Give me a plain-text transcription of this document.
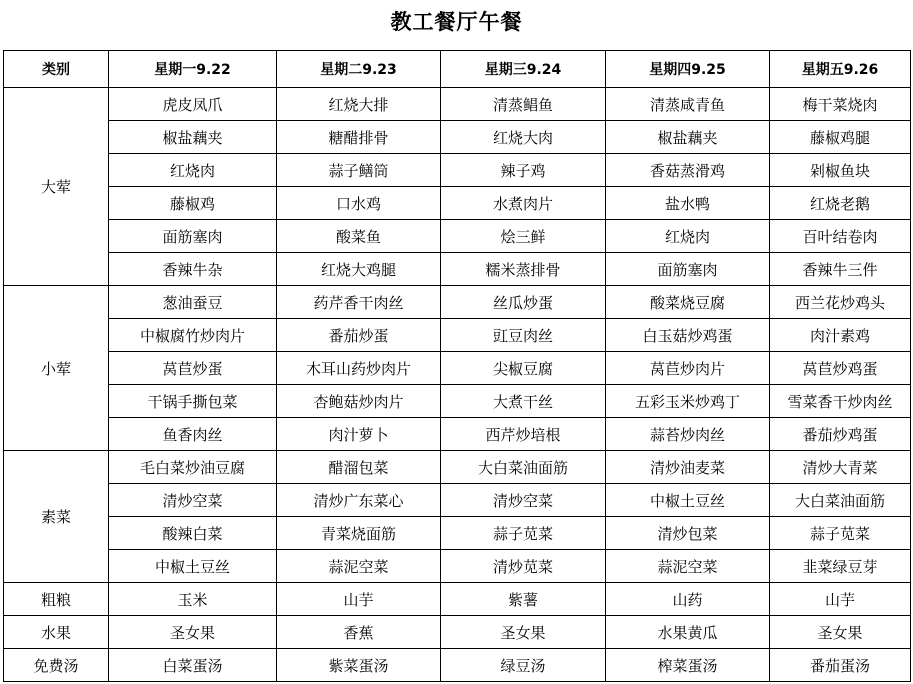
教工餐厅午餐
类别	星期一9.22	星期二9.23	星期三9.24	星期四9.25	星期五9.26
大荤	虎皮凤爪	红烧大排	清蒸鲳鱼	清蒸咸青鱼	梅干菜烧肉
	椒盐藕夹	糖醋排骨	红烧大肉	椒盐藕夹	藤椒鸡腿
	红烧肉	蒜子鳝筒	辣子鸡	香菇蒸滑鸡	剁椒鱼块
	藤椒鸡	口水鸡	水煮肉片	盐水鸭	红烧老鹅
	面筋塞肉	酸菜鱼	烩三鲜	红烧肉	百叶结卷肉
	香辣牛杂	红烧大鸡腿	糯米蒸排骨	面筋塞肉	香辣牛三件
小荤	葱油蚕豆	药芹香干肉丝	丝瓜炒蛋	酸菜烧豆腐	西兰花炒鸡头
	中椒腐竹炒肉片	番茄炒蛋	豇豆肉丝	白玉菇炒鸡蛋	肉汁素鸡
	莴苣炒蛋	木耳山药炒肉片	尖椒豆腐	莴苣炒肉片	莴苣炒鸡蛋
	干锅手撕包菜	杏鲍菇炒肉片	大煮干丝	五彩玉米炒鸡丁	雪菜香干炒肉丝
	鱼香肉丝	肉汁萝卜	西芹炒培根	蒜苔炒肉丝	番茄炒鸡蛋
素菜	毛白菜炒油豆腐	醋溜包菜	大白菜油面筋	清炒油麦菜	清炒大青菜
	清炒空菜	清炒广东菜心	清炒空菜	中椒土豆丝	大白菜油面筋
	酸辣白菜	青菜烧面筋	蒜子苋菜	清炒包菜	蒜子苋菜
	中椒土豆丝	蒜泥空菜	清炒苋菜	蒜泥空菜	韭菜绿豆芽
粗粮	玉米	山芋	紫薯	山药	山芋
水果	圣女果	香蕉	圣女果	水果黄瓜	圣女果
免费汤	白菜蛋汤	紫菜蛋汤	绿豆汤	榨菜蛋汤	番茄蛋汤
